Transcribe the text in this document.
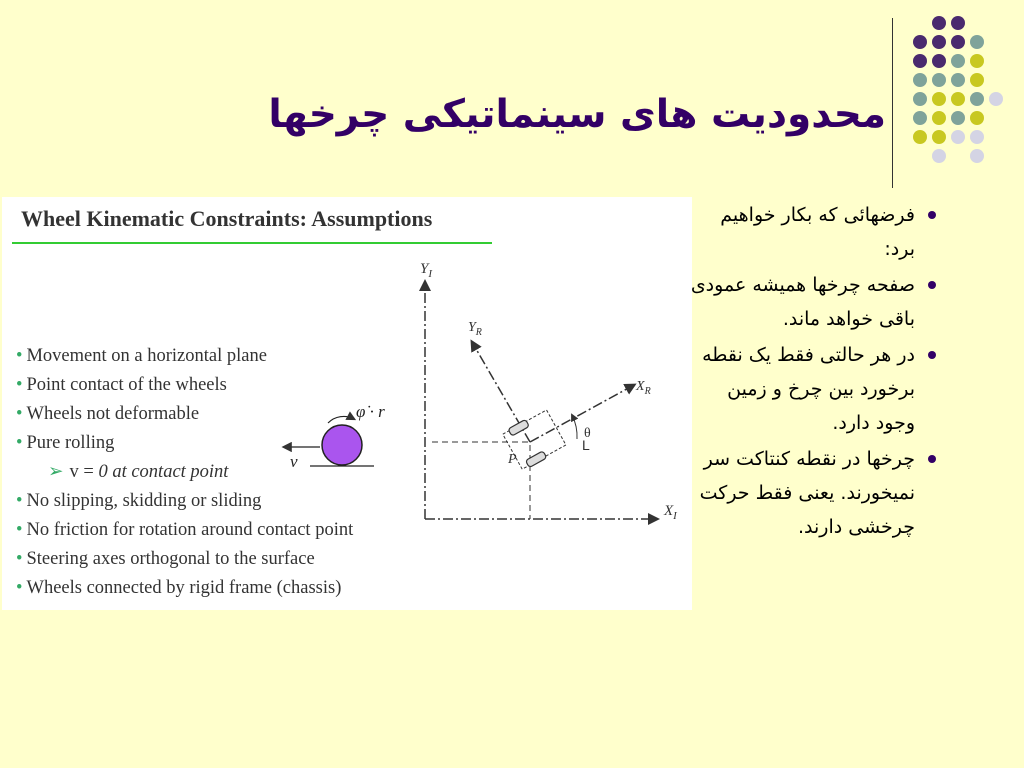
محدودیت های سینماتیکی چرخها
Wheel Kinematic Constraints: Assumptions
• Movement on a horizontal plane
• Point contact of the wheels
• Wheels not deformable
• Pure rolling
➢ v = 0 at contact point
• No slipping, skidding or sliding
• No friction for rotation around contact point
• Steering axes orthogonal to the surface
• Wheels connected by rigid frame (chassis)
φ̇ · r
v
$Y_I$
$X_I$
$Y_R$
$X_R$
θ
L
P
فرضهائی که بکار خواهیم برد:
صفحه چرخها همیشه عمودی باقی خواهد ماند.
در هر حالتی فقط یک نقطه برخورد بین چرخ و زمین وجود دارد.
چرخها در نقطه کنتاکت سر نمیخورند. یعنی فقط حرکت چرخشی دارند.
